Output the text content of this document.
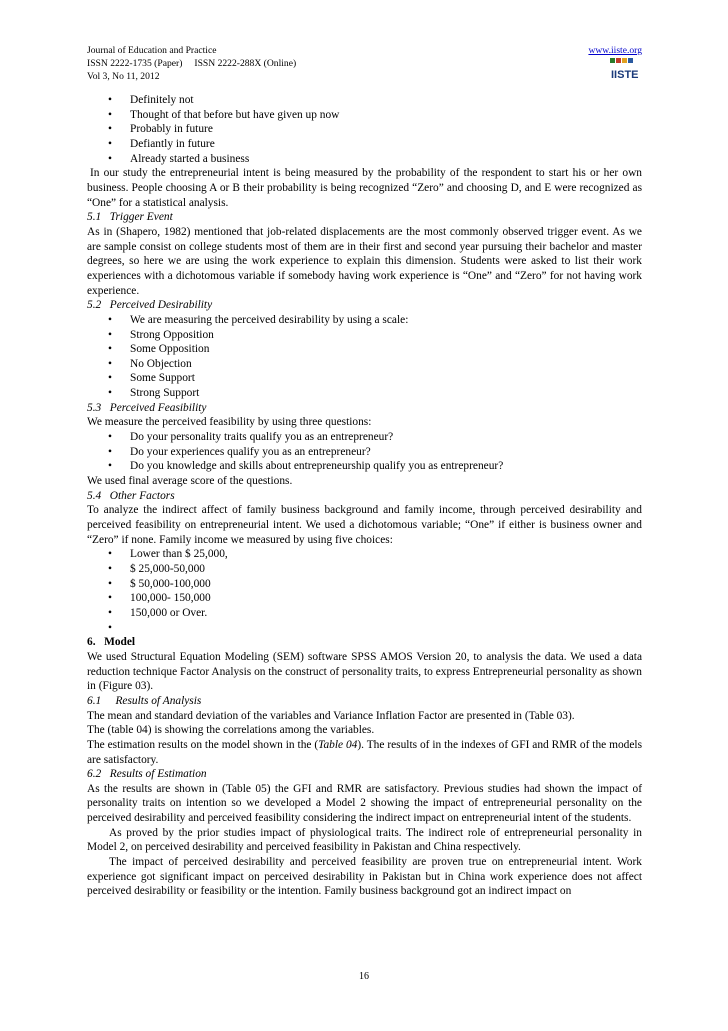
Journal of Education and Practice
ISSN 2222-1735 (Paper)     ISSN 2222-288X (Online)
Vol 3, No 11, 2012
www.iiste.org
IISTE
• Definitely not
• Thought of that before but have given up now
• Probably in future
• Defiantly in future
• Already started a business

In our study the entrepreneurial intent is being measured by the probability of the respondent to start his or her own business. People choosing A or B their probability is being recognized “Zero” and choosing D, and E were recognized as “One” for a statistical analysis.

5.1   Trigger Event

As in (Shapero, 1982) mentioned that job-related displacements are the most commonly observed trigger event. As we are sample consist on college students most of them are in their first and second year pursuing their bachelor and master degrees, so here we are using the work experience to explain this dimension. Students were asked to list their work experiences with a dichotomous variable if somebody having work experience is “One” and “Zero” for not having work experience.

5.2   Perceived Desirability

• We are measuring the perceived desirability by using a scale:
• Strong Opposition
• Some Opposition
• No Objection
• Some Support
• Strong Support

5.3   Perceived Feasibility

We measure the perceived feasibility by using three questions:

• Do your personality traits qualify you as an entrepreneur?
• Do your experiences qualify you as an entrepreneur?
• Do you knowledge and skills about entrepreneurship qualify you as entrepreneur?

We used final average score of the questions.

5.4   Other Factors

To analyze the indirect affect of family business background and family income, through perceived desirability and perceived feasibility on entrepreneurial intent. We used a dichotomous variable; “One” if either is business owner and “Zero” if none. Family income we measured by using five choices:

• Lower than $ 25,000,
• $ 25,000-50,000
• $ 50,000-100,000
• 100,000- 150,000
• 150,000 or Over.
•

6.   Model

We used Structural Equation Modeling (SEM) software SPSS AMOS Version 20, to analysis the data. We used a data reduction technique Factor Analysis on the construct of personality traits, to express Entrepreneurial personality as shown in (Figure 03).

6.1     Results of Analysis

The mean and standard deviation of the variables and Variance Inflation Factor are presented in (Table 03).

The (table 04) is showing the correlations among the variables.

The estimation results on the model shown in the (Table 04). The results of in the indexes of GFI and RMR of the models are satisfactory.

6.2   Results of Estimation

As the results are shown in (Table 05) the GFI and RMR are satisfactory. Previous studies had shown the impact of personality traits on intention so we developed a Model 2 showing the impact of entrepreneurial personality on the perceived desirability and perceived feasibility considering the indirect impact on entrepreneurial intent of the students.

As proved by the prior studies impact of physiological traits. The indirect role of entrepreneurial personality in Model 2, on perceived desirability and perceived feasibility in Pakistan and China respectively.

The impact of perceived desirability and perceived feasibility are proven true on entrepreneurial intent. Work experience got significant impact on perceived desirability in Pakistan but in China work experience does not affect perceived desirability or feasibility or the intention. Family business background got an indirect impact on

16
